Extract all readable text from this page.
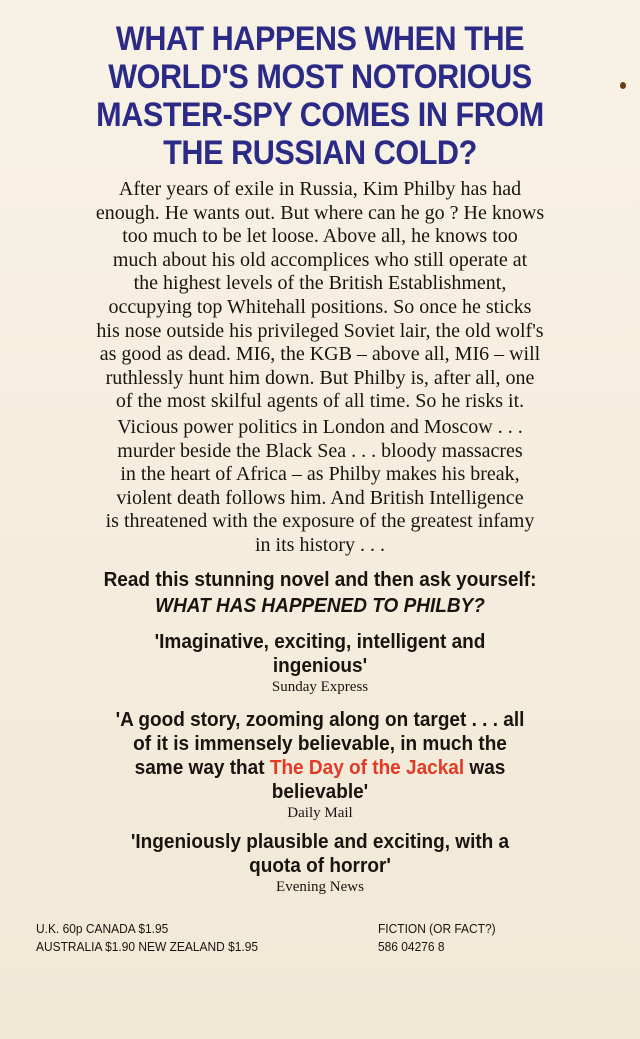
WHAT HAPPENS WHEN THE
WORLD'S MOST NOTORIOUS
MASTER-SPY COMES IN FROM
THE RUSSIAN COLD?
After years of exile in Russia, Kim Philby has had
enough. He wants out. But where can he go ? He knows
too much to be let loose. Above all, he knows too
much about his old accomplices who still operate at
the highest levels of the British Establishment,
occupying top Whitehall positions. So once he sticks
his nose outside his privileged Soviet lair, the old wolf's
as good as dead. MI6, the KGB – above all, MI6 – will
ruthlessly hunt him down. But Philby is, after all, one
of the most skilful agents of all time. So he risks it.
Vicious power politics in London and Moscow . . .
murder beside the Black Sea . . . bloody massacres
in the heart of Africa – as Philby makes his break,
violent death follows him. And British Intelligence
is threatened with the exposure of the greatest infamy
in its history . . .
Read this stunning novel and then ask yourself:
WHAT HAS HAPPENED TO PHILBY?
'Imaginative, exciting, intelligent and
ingenious'
Sunday Express
'A good story, zooming along on target . . . all
of it is immensely believable, in much the
same way that The Day of the Jackal was
believable'
Daily Mail
'Ingeniously plausible and exciting, with a
quota of horror'
Evening News
U.K. 60p CANADA $1.95
AUSTRALIA $1.90 NEW ZEALAND $1.95
FICTION (OR FACT?)
586 04276 8
